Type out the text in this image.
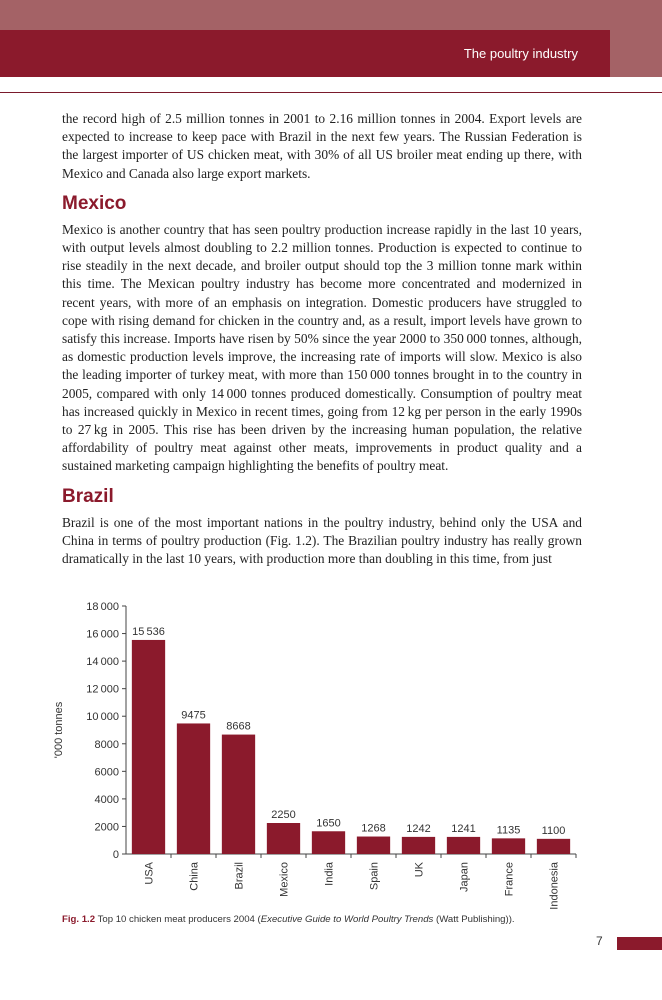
The poultry industry

the record high of 2.5 million tonnes in 2001 to 2.16 million tonnes in 2004. Export levels are expected to increase to keep pace with Brazil in the next few years. The Russian Federation is the largest importer of US chicken meat, with 30% of all US broiler meat ending up there, with Mexico and Canada also large export markets.

Mexico

Mexico is another country that has seen poultry production increase rapidly in the last 10 years, with output levels almost doubling to 2.2 million tonnes. Production is expected to continue to rise steadily in the next decade, and broiler output should top the 3 million tonne mark within this time. The Mexican poultry industry has become more concentrated and modernized in recent years, with more of an emphasis on integration. Domestic producers have struggled to cope with rising demand for chicken in the country and, as a result, import levels have grown to satisfy this increase. Imports have risen by 50% since the year 2000 to 350 000 tonnes, although, as domestic production levels improve, the increasing rate of imports will slow. Mexico is also the leading importer of turkey meat, with more than 150 000 tonnes brought in to the country in 2005, compared with only 14 000 tonnes produced domestically. Consumption of poultry meat has increased quickly in Mexico in recent times, going from 12 kg per person in the early 1990s to 27 kg in 2005. This rise has been driven by the increasing human population, the relative affordability of poultry meat against other meats, improvements in product quality and a sustained marketing campaign highlighting the benefits of poultry meat.

Brazil

Brazil is one of the most important nations in the poultry industry, behind only the USA and China in terms of poultry production (Fig. 1.2). The Brazilian poultry industry has really grown dramatically in the last 10 years, with production more than doubling in this time, from just

0
2000
4000
6000
8000
10 000
12 000
14 000
16 000
18 000
'000 tonnes
15 536
USA
9475
China
8668
Brazil
2250
Mexico
1650
India
1268
Spain
1242
UK
1241
Japan
1135
France
1100
Indonesia
Fig. 1.2 Top 10 chicken meat producers 2004 (Executive Guide to World Poultry Trends (Watt Publishing)).
7
